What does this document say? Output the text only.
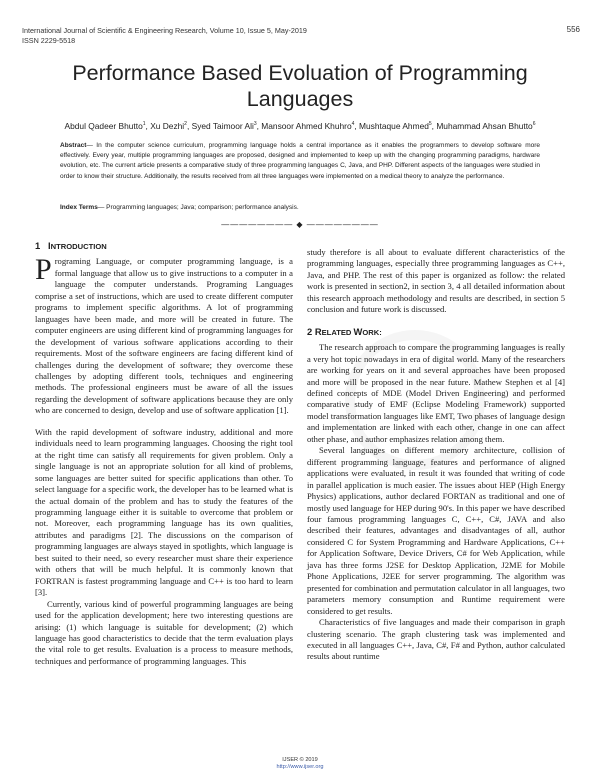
International Journal of Scientific & Engineering Research, Volume 10, Issue 5, May-2019
ISSN 2229-5518
556
Performance Based Evoluation of Programming Languages
Abdul Qadeer Bhutto$^1$, Xu Dezhi$^2$, Syed Taimoor Ali$^3$, Mansoor Ahmed Khuhro$^4$, Mushtaque Ahmed$^5$, Muhammad Ahsan Bhutto$^6$
Abstract— In the computer science curriculum, programming language holds a central importance as it enables the programmers to develop software more effectively. Every year, multiple programming languages are proposed, designed and implemented to keep up with the changing programming paradigms, hardware evolution, etc. The current article presents a comparative study of three programming languages C, Java, and PHP. Different aspects of the languages were studied in order to know their structure. Additionally, the results received from all three languages were implemented on a medical theory to analyze the performance.
Index Terms— Programming languages; Java; comparison; performance analysis.
———————— ◆ ————————
1 INTRODUCTION

Programing Language, or computer programming language, is a formal language that allow us to give instructions to a computer in a language the computer understands. Programing Languages comprise a set of instructions, which are used to create different computer programs to implement specific algorithms. A lot of programming languages have been made, and more will be created in future. The computer engineers are using different kind of programming languages for the development of various software applications according to their requirements. Most of the software engineers are facing different kind of challenges during the development of software; they overcome these challenges by adopting different tools, techniques and engineering methods. The professional engineers must be aware of all the issues regarding the development of software applications because they are only who are concerned to design, develop and use of software application [1].

With the rapid development of software industry, additional and more individuals need to learn programming languages. Choosing the right tool at the right time can satisfy all requirements for given problem. Only a single language is not an appropriate solution for all kind of problems, some languages are better suited for specific applications than other. To select language for a specific work, the developer has to be learned what is the actual domain of the problem and has to study the features of the programming language either it is suitable to overcome that problem or not. Moreover, each programming language has its own qualities, attributes and paradigms [2]. The discussions on the comparison of programming languages are always stayed in spotlights, which language is best suited to their need, so every researcher must share their experience with others that will be much helpful. It is commonly known that FORTRAN is fastest programming language and C++ is too hard to learn [3].

Currently, various kind of powerful programming languages are being used for the application development; here two interesting questions are arising: (1) which language is suitable for development; (2) which language has good characteristics to decide that the term evaluation plays the vital role to get results. Evaluation is a process to measure methods, techniques and performance of programming languages. This

study therefore is all about to evaluate different characteristics of the programming languages, especially three programming languages as C++, Java, and PHP. The rest of this paper is organized as follow: the related work is presented in section2, in section 3, 4 all detailed information about this research approach methodology and results are described, in section 5 conclusion and future work is discussed.

2 RELATED WORK:

The research approach to compare the programming languages is really a very hot topic nowadays in era of digital world. Many of the researchers are working for years on it and several approaches have been proposed and more will be proposed in the near future. Mathew Stephen et al [4] defined concepts of MDE (Model Driven Engineering) and performed comparative study of EMF (Eclipse Modeling Framework) supported model transformation languages like EMT, Two phases of language design and implementation are linked with each other, change in one can affect other phase, and author emphasizes relation among them.

Several languages on different memory architecture, collision of different programming language, features and performance of aligned applications were evaluated, in result it was founded that writing of code in parallel application is much easier. The issues about HEP (High Energy Physics) applications, author declared FORTAN as traditional and one of mostly used language for HEP during 90's. In this paper we have described four famous programming languages C, C++, C#, JAVA and also described their features, advantages and disadvantages of all, author considered C for System Programming and Hardware Applications, C++ for Application Software, Device Drivers, C# for Web Application, while java has three forms J2SE for Desktop Application, J2ME for Mobile Phone Applications, J2EE for server programming. The algorithm was presented for combination and permutation calculator in all languages, two parameters memory consumption and Runtime requirement were considered to get results.

Characteristics of five languages and made their comparison in graph clustering scenario. The graph clustering task was implemented and executed in all languages C++, Java, C#, F# and Python, author calculated results about runtime

IJSER © 2019
http://www.ijser.org
